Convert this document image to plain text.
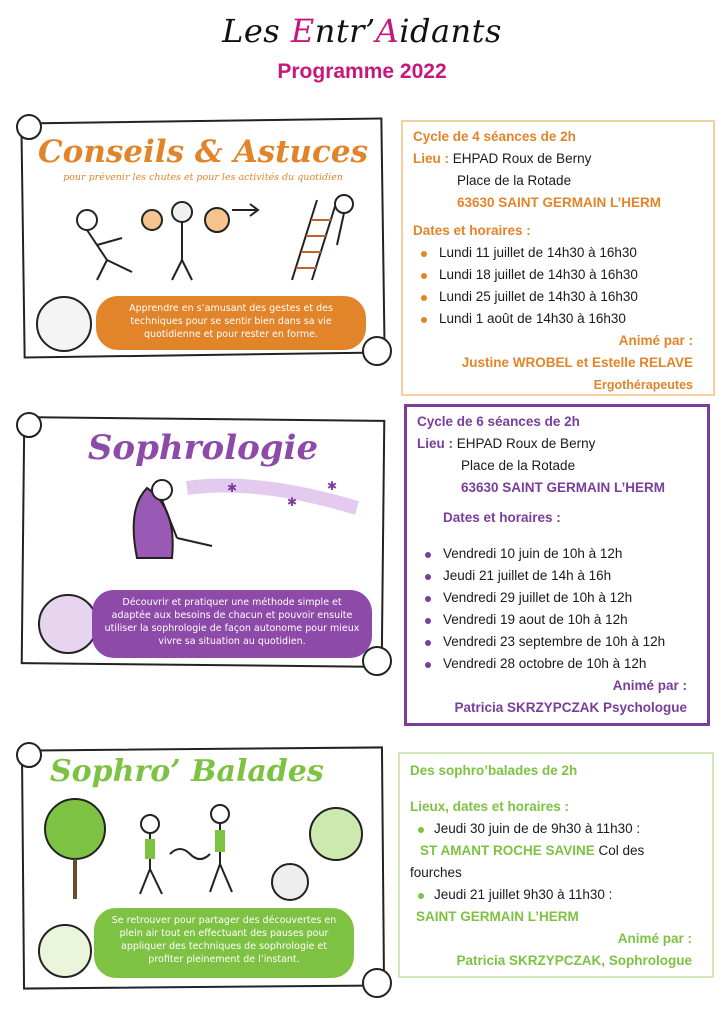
Les Entr’Aidants
Programme 2022
Conseils & Astuces
pour prévenir les chutes et pour les activités du quotidien
Apprendre en s’amusant des gestes et des techniques pour se sentir bien dans sa vie quotidienne et pour rester en forme.
Cycle de 4 séances de 2h
Lieu : EHPAD Roux de Berny
Place de la Rotade
63630 SAINT GERMAIN L’HERM
Dates et horaires :
Lundi 11 juillet de 14h30 à 16h30
Lundi 18 juillet de 14h30 à 16h30
Lundi 25 juillet de 14h30 à 16h30
Lundi 1 août de 14h30 à 16h30
Animé par :
Justine WROBEL et Estelle RELAVE
Ergothérapeutes
Sophrologie
✱
✱
✱
Découvrir et pratiquer une méthode simple et adaptée aux besoins de chacun et pouvoir ensuite utiliser la sophrologie de façon autonome pour mieux vivre sa situation au quotidien.
Cycle de 6 séances de 2h
Lieu : EHPAD Roux de Berny
Place de la Rotade
63630 SAINT GERMAIN L’HERM
Dates et horaires :
Vendredi 10 juin de 10h à 12h
Jeudi 21 juillet de 14h à 16h
Vendredi 29 juillet de 10h à 12h
Vendredi 19 aout de 10h à 12h
Vendredi 23 septembre de 10h à 12h
Vendredi 28 octobre de 10h à 12h
Animé par :
Patricia SKRZYPCZAK Psychologue
Sophro’ Balades
Se retrouver pour partager des découvertes en plein air tout en effectuant des pauses pour appliquer des techniques de sophrologie et profiter pleinement de l’instant.
Des sophro’balades de 2h
Lieux, dates et horaires :
Jeudi 30 juin de de 9h30 à 11h30 :
ST AMANT ROCHE SAVINE Col des
fourches
Jeudi 21 juillet 9h30 à 11h30 :
SAINT GERMAIN L’HERM
Animé par :
Patricia SKRZYPCZAK, Sophrologue
